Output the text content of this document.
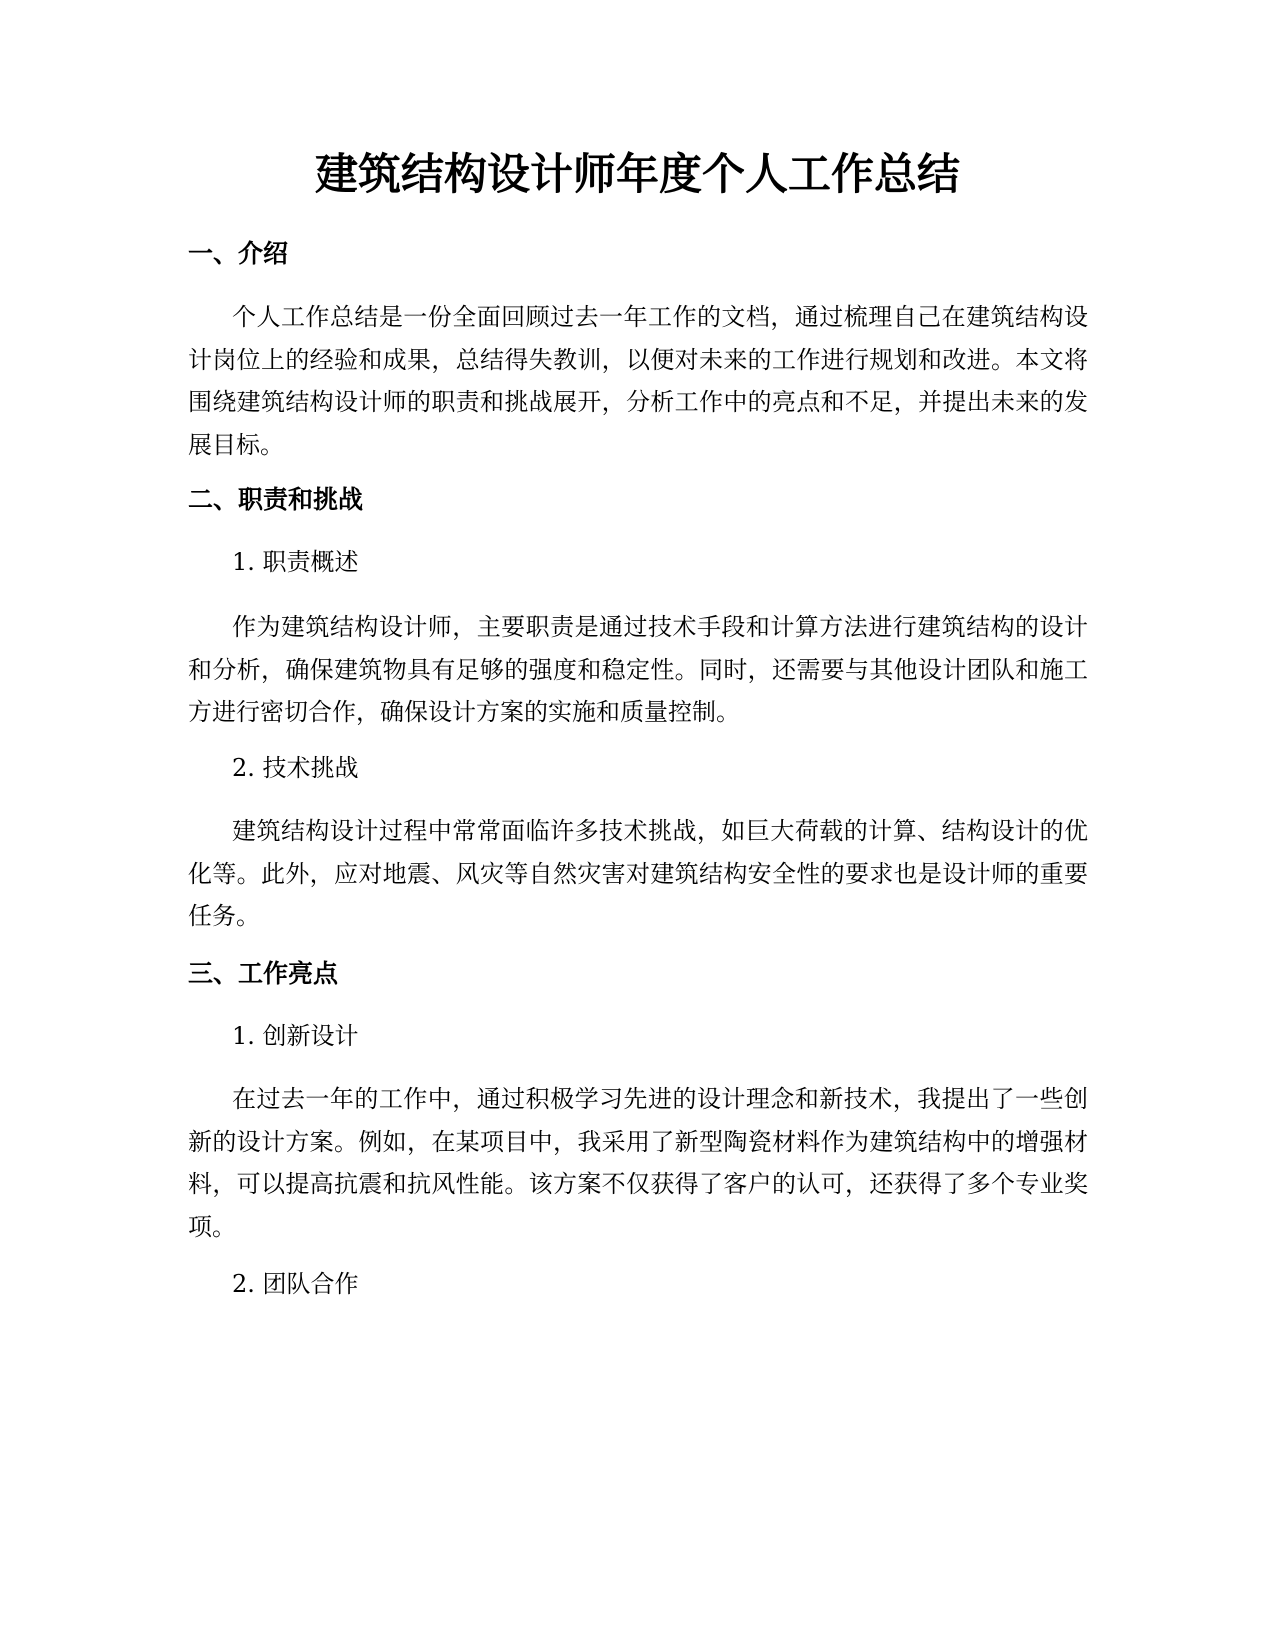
建筑结构设计师年度个人工作总结
一、介绍

个人工作总结是一份全面回顾过去一年工作的文档，通过梳理自己在建筑结构设计岗位上的经验和成果，总结得失教训，以便对未来的工作进行规划和改进。本文将围绕建筑结构设计师的职责和挑战展开，分析工作中的亮点和不足，并提出未来的发展目标。

二、职责和挑战

1. 职责概述

作为建筑结构设计师，主要职责是通过技术手段和计算方法进行建筑结构的设计和分析，确保建筑物具有足够的强度和稳定性。同时，还需要与其他设计团队和施工方进行密切合作，确保设计方案的实施和质量控制。

2. 技术挑战

建筑结构设计过程中常常面临许多技术挑战，如巨大荷载的计算、结构设计的优化等。此外，应对地震、风灾等自然灾害对建筑结构安全性的要求也是设计师的重要任务。

三、工作亮点

1. 创新设计

在过去一年的工作中，通过积极学习先进的设计理念和新技术，我提出了一些创新的设计方案。例如，在某项目中，我采用了新型陶瓷材料作为建筑结构中的增强材料，可以提高抗震和抗风性能。该方案不仅获得了客户的认可，还获得了多个专业奖项。

2. 团队合作
